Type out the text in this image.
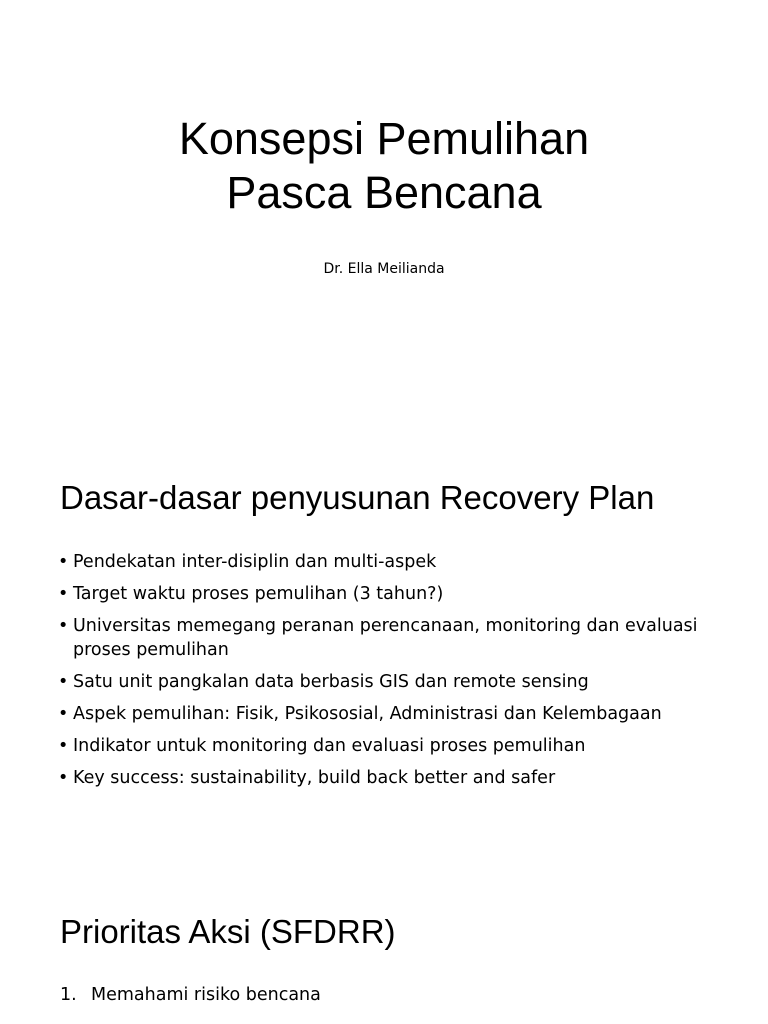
Konsepsi Pemulihan
Pasca Bencana
Dr. Ella Meilianda
Dasar-dasar penyusunan Recovery Plan
• Pendekatan inter-disiplin dan multi-aspek
• Target waktu proses pemulihan (3 tahun?)
• Universitas memegang peranan perencanaan, monitoring dan evaluasi proses pemulihan
• Satu unit pangkalan data berbasis GIS dan remote sensing
• Aspek pemulihan: Fisik, Psikososial, Administrasi dan Kelembagaan
• Indikator untuk monitoring dan evaluasi proses pemulihan
• Key success: sustainability, build back better and safer
Prioritas Aksi (SFDRR)
1. Memahami risiko bencana
